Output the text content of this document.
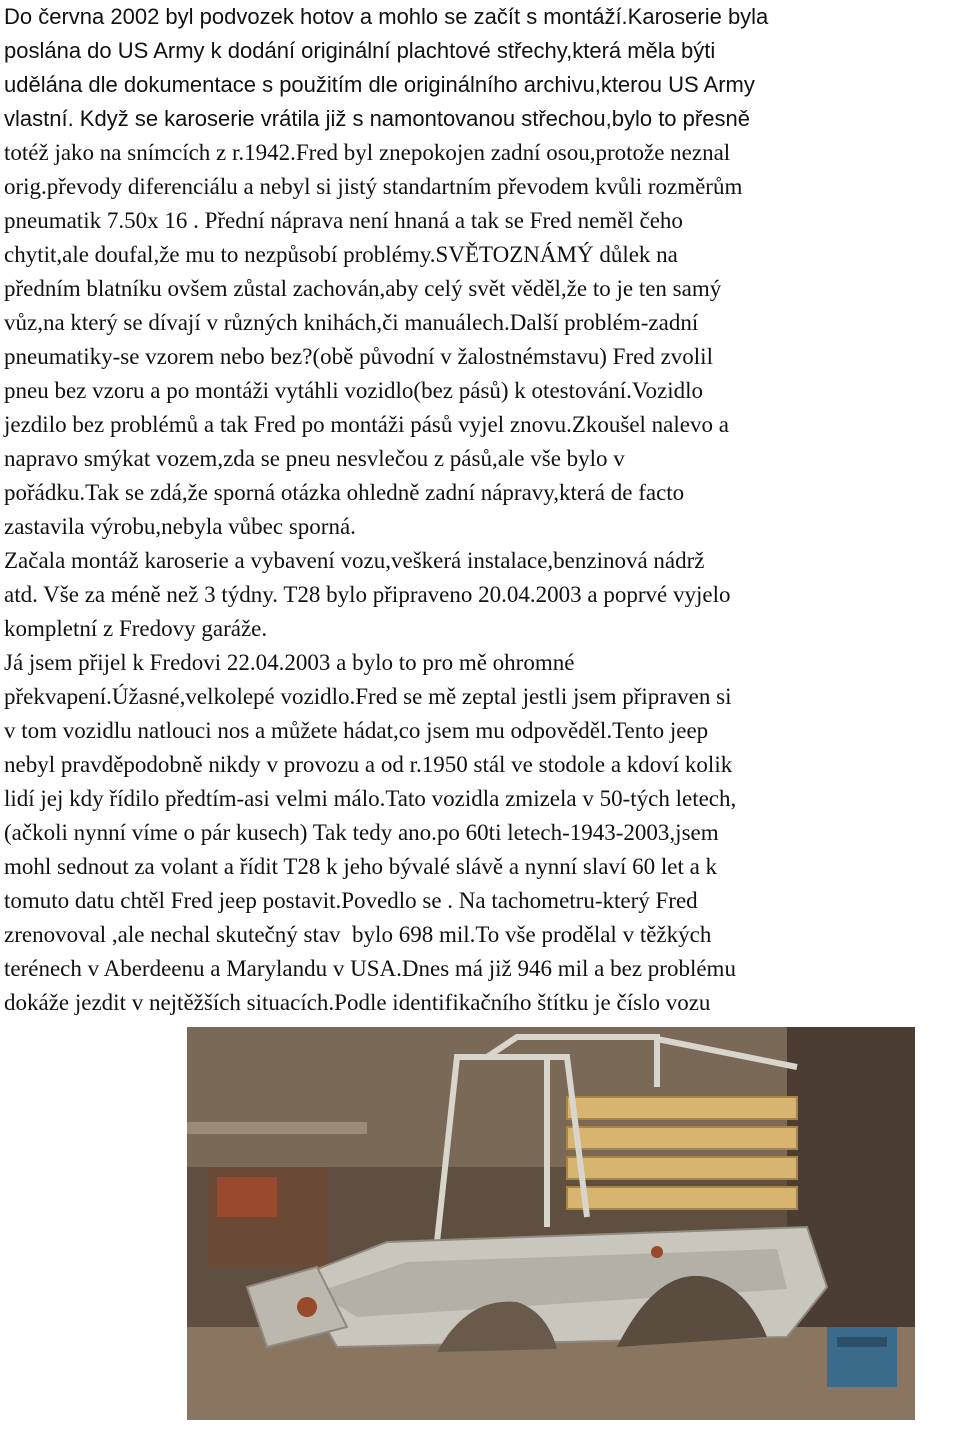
Do června 2002 byl podvozek hotov a mohlo se začít s montáží.Karoserie byla
poslána do US Army k dodání originální plachtové střechy,která měla býti
udělána dle dokumentace s použitím dle originálního archivu,kterou US Army
vlastní. Když se karoserie vrátila již s namontovanou střechou,bylo to přesně
totéž jako na snímcích z r.1942.Fred byl znepokojen zadní osou,protože neznal
orig.převody diferenciálu a nebyl si jistý standartním převodem kvůli rozměrům
pneumatik 7.50x 16 . Přední náprava není hnaná a tak se Fred neměl čeho
chytit,ale doufal,že mu to nezpůsobí problémy.SVĚTOZNÁMÝ důlek na
předním blatníku ovšem zůstal zachován,aby celý svět věděl,že to je ten samý
vůz,na který se dívají v různých knihách,či manuálech.Další problém-zadní
pneumatiky-se vzorem nebo bez?(obě původní v žalostnémstavu) Fred zvolil
pneu bez vzoru a po montáži vytáhli vozidlo(bez pásů) k otestování.Vozidlo
jezdilo bez problémů a tak Fred po montáži pásů vyjel znovu.Zkoušel nalevo a
napravo smýkat vozem,zda se pneu nesvlečou z pásů,ale vše bylo v
pořádku.Tak se zdá,že sporná otázka ohledně zadní nápravy,která de facto
zastavila výrobu,nebyla vůbec sporná.
Začala montáž karoserie a vybavení vozu,veškerá instalace,benzinová nádrž
atd. Vše za méně než 3 týdny. T28 bylo připraveno 20.04.2003 a poprvé vyjelo
kompletní z Fredovy garáže.
Já jsem přijel k Fredovi 22.04.2003 a bylo to pro mě ohromné
překvapení.Úžasné,velkolepé vozidlo.Fred se mě zeptal jestli jsem připraven si
v tom vozidlu natlouci nos a můžete hádat,co jsem mu odpověděl.Tento jeep
nebyl pravděpodobně nikdy v provozu a od r.1950 stál ve stodole a kdoví kolik
lidí jej kdy řídilo předtím-asi velmi málo.Tato vozidla zmizela v 50-tých letech,
(ačkoli nynní víme o pár kusech) Tak tedy ano.po 60ti letech-1943-2003,jsem
mohl sednout za volant a řídit T28 k jeho bývalé slávě a nynní slaví 60 let a k
tomuto datu chtěl Fred jeep postavit.Povedlo se . Na tachometru-který Fred
zrenovoval ,ale nechal skutečný stav  bylo 698 mil.To vše prodělal v těžkých
terénech v Aberdeenu a Marylandu v USA.Dnes má již 946 mil a bez problému
dokáže jezdit v nejtěžších situacích.Podle identifikačního štítku je číslo vozu
